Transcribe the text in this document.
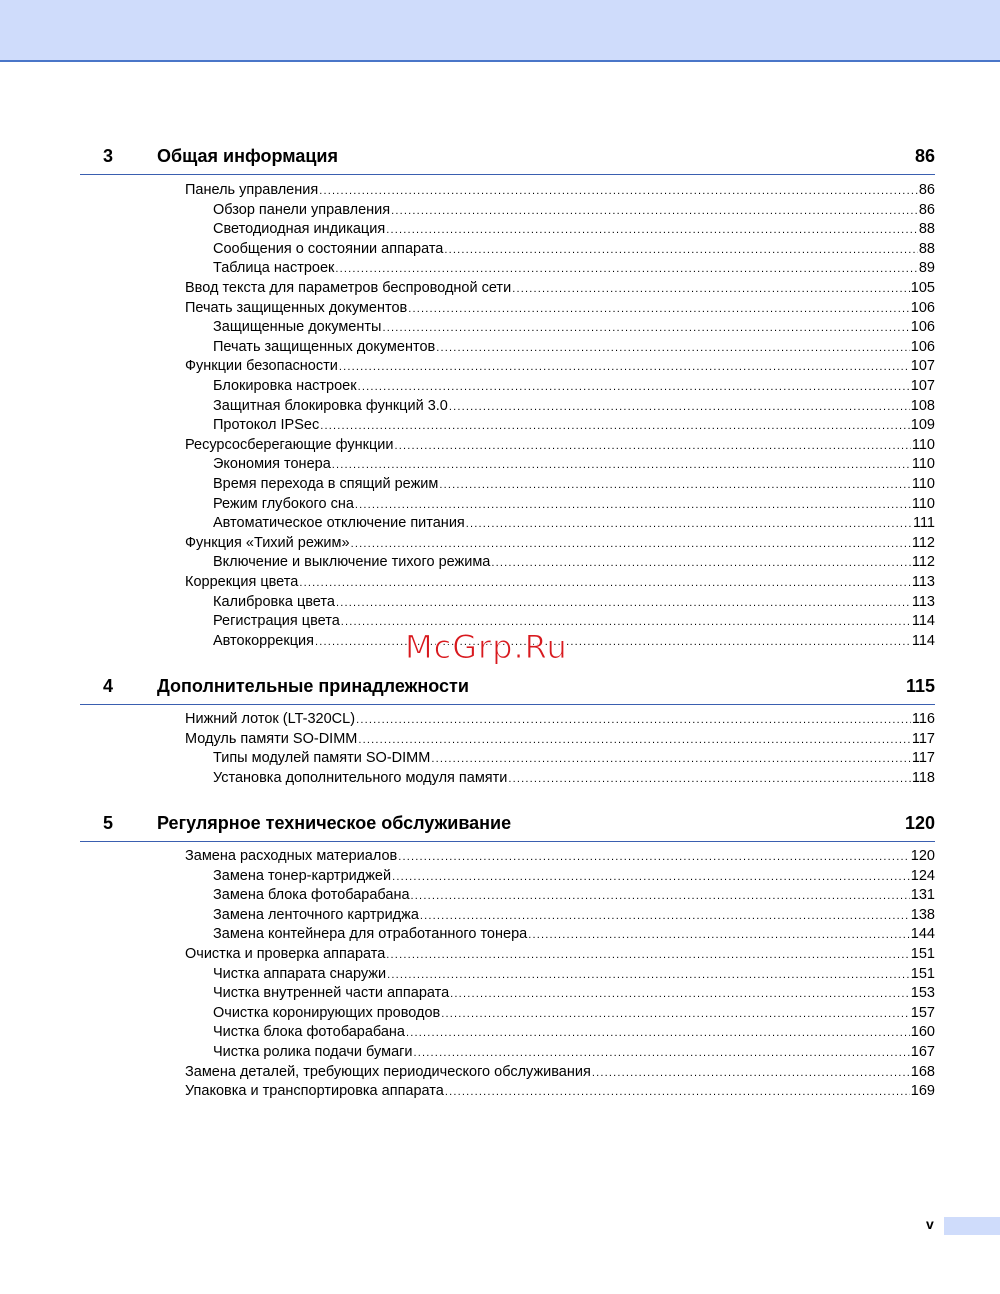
3 Общая информация	86
Панель управления .....	86
Обзор панели управления .....	86
Светодиодная индикация .....	88
Сообщения о состоянии аппарата .....	88
Таблица настроек .....	89
Ввод текста для параметров беспроводной сети .....	105
Печать защищенных документов .....	106
Защищенные документы .....	106
Печать защищенных документов .....	106
Функции безопасности .....	107
Блокировка настроек .....	107
Защитная блокировка функций 3.0 .....	108
Протокол IPSec .....	109
Ресурсосберегающие функции .....	110
Экономия тонера .....	110
Время перехода в спящий режим .....	110
Режим глубокого сна .....	110
Автоматическое отключение питания .....	111
Функция «Тихий режим» .....	112
Включение и выключение тихого режима .....	112
Коррекция цвета .....	113
Калибровка цвета .....	113
Регистрация цвета .....	114
Автокоррекция .....	114
4 Дополнительные принадлежности	115
Нижний лоток (LT-320CL) .....	116
Модуль памяти SO-DIMM .....	117
Типы модулей памяти SO-DIMM .....	117
Установка дополнительного модуля памяти .....	118
5 Регулярное техническое обслуживание	120
Замена расходных материалов .....	120
Замена тонер-картриджей .....	124
Замена блока фотобарабана .....	131
Замена ленточного картриджа .....	138
Замена контейнера для отработанного тонера .....	144
Очистка и проверка аппарата .....	151
Чистка аппарата снаружи .....	151
Чистка внутренней части аппарата .....	153
Очистка коронирующих проводов .....	157
Чистка блока фотобарабана .....	160
Чистка ролика подачи бумаги .....	167
Замена деталей, требующих периодического обслуживания .....	168
Упаковка и транспортировка аппарата .....	169
McGrp.Ru
v
